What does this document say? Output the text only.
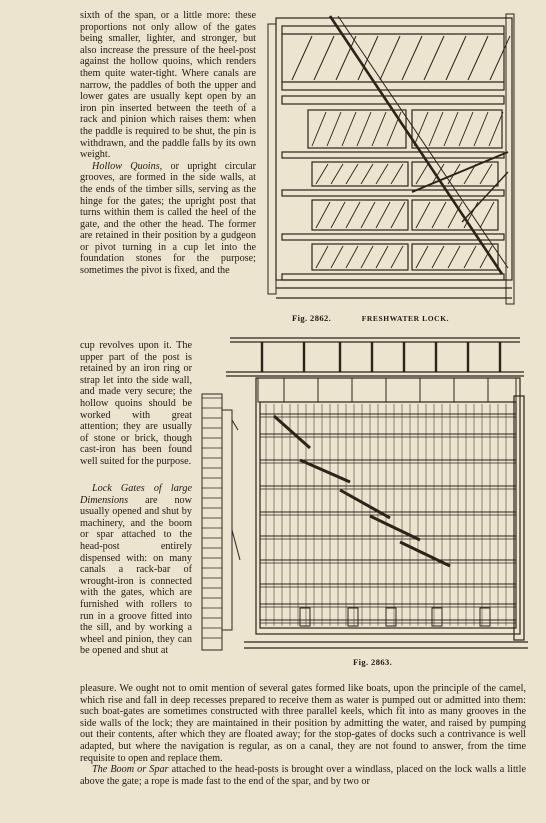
sixth of the span, or a little more: these proportions not only allow of the gates being smaller, lighter, and stronger, but also increase the pressure of the heel-post against the hollow quoins, which renders them quite water-tight. Where canals are narrow, the paddles of both the upper and lower gates are usually kept open by an iron pin inserted between the teeth of a rack and pinion which raises them: when the paddle is required to be shut, the pin is withdrawn, and the paddle falls by its own weight.

Hollow Quoins, or upright circular grooves, are formed in the side walls, at the ends of the timber sills, serving as the hinge for the gates; the upright post that turns within them is called the heel of the gate, and the other the head. The former are retained in their position by a gudgeon or pivot turning in a cup let into the foundation stones for the purpose; sometimes the pivot is fixed, and the

cup revolves upon it. The upper part of the post is retained by an iron ring or strap let into the side wall, and made very secure; the hollow quoins should be worked with great attention; they are usually of stone or brick, though cast-iron has been found well suited for the purpose.

Lock Gates of large Dimensions are now usually opened and shut by machinery, and the boom or spar attached to the head-post entirely dispensed with: on many canals a rack-bar of wrought-iron is connected with the gates, which are furnished with rollers to run in a groove fitted into the sill, and by working a wheel and pinion, they can be opened and shut at

pleasure. We ought not to omit mention of several gates formed like boats, upon the principle of the camel, which rise and fall in deep recesses prepared to receive them as water is pumped out or admitted into them: such boat-gates are sometimes constructed with three parallel keels, which fit into as many grooves in the side walls of the lock; they are maintained in their position by admitting the water, and raised by pumping out their contents, after which they are floated away; for the stop-gates of docks such a contrivance is well adapted, but where the navigation is regular, as on a canal, they are not found to answer, from the time requisite to open and replace them.

The Boom or Spar attached to the head-posts is brought over a windlass, placed on the lock walls a little above the gate; a rope is made fast to the end of the spar, and by two or

Fig. 2862.	FRESHWATER LOCK.
Fig. 2863.
